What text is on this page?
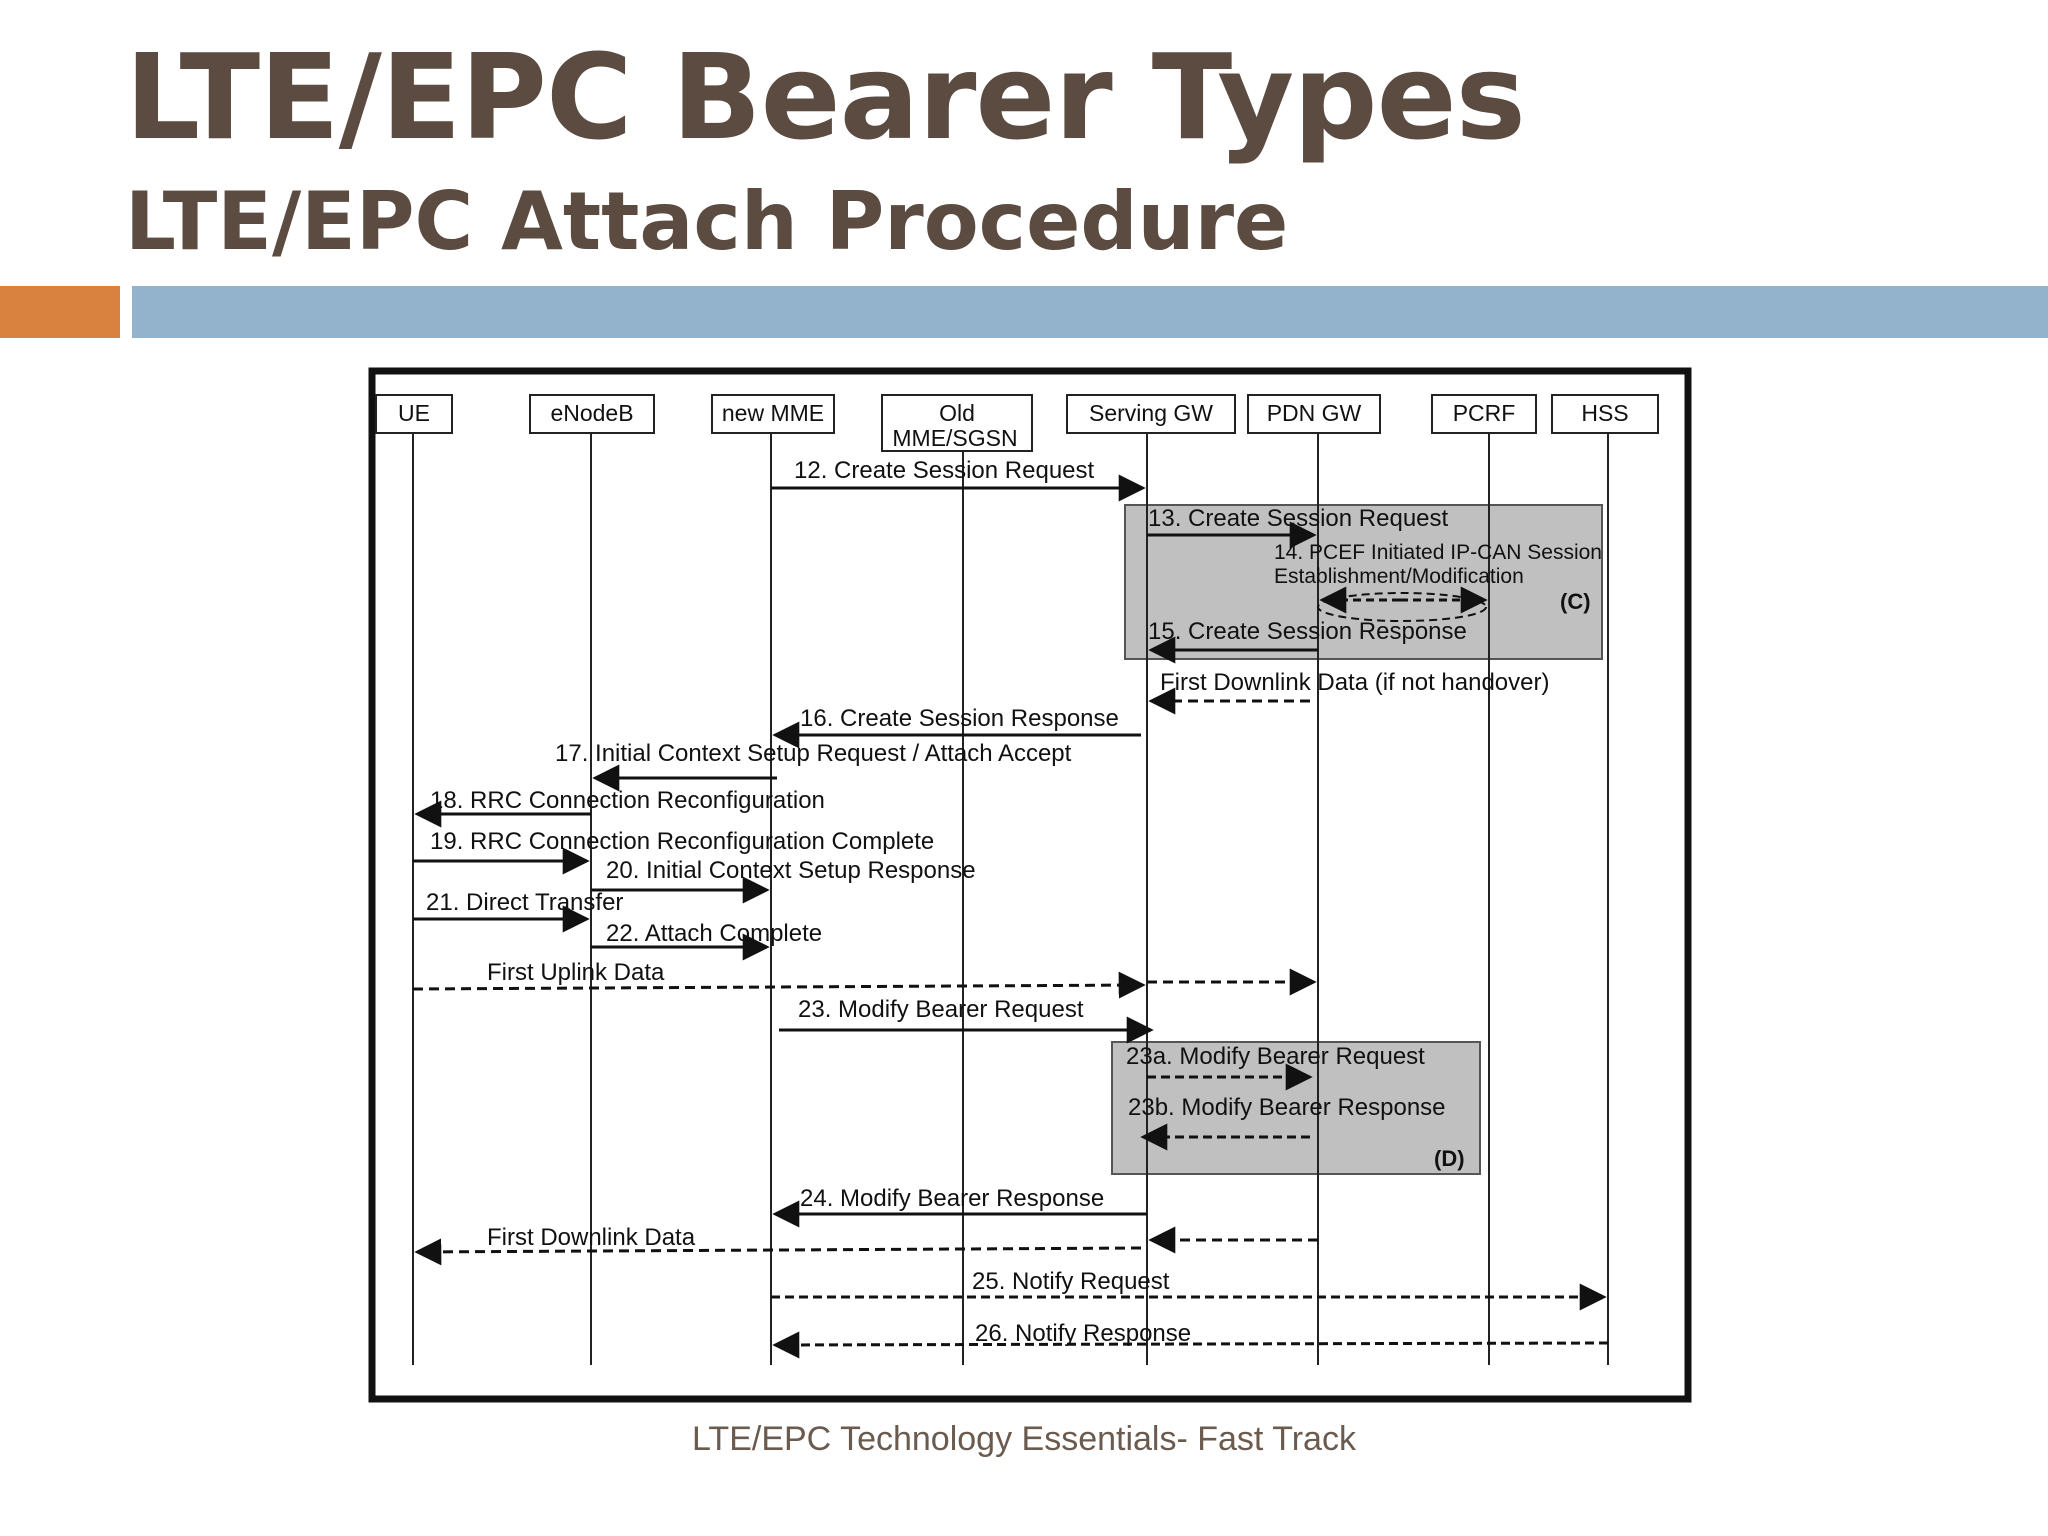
LTE/EPC Bearer Types
LTE/EPC Attach Procedure
UE	eNodeB	new MME	Old
MME/SGSN
Serving GW PDN GW	PCRF	HSS
12. Create Session Request
13. Create Session Request
14. PCEF Initiated IP-CAN Session
Establishment/Modification
(C)
15. Create Session Response
First Downlink Data (if not handover)
16. Create Session Response
17. Initial Context Setup Request / Attach Accept
18. RRC Connection Reconfiguration
19. RRC Connection Reconfiguration Complete
20. Initial Context Setup Response
21. Direct Transfer
22. Attach Complete
First Uplink Data
23. Modify Bearer Request
23a. Modify Bearer Request
23b. Modify Bearer Response
(D)
24. Modify Bearer Response
First Downlink Data
25. Notify Request
26. Notify Response
LTE/EPC Technology Essentials- Fast Track
